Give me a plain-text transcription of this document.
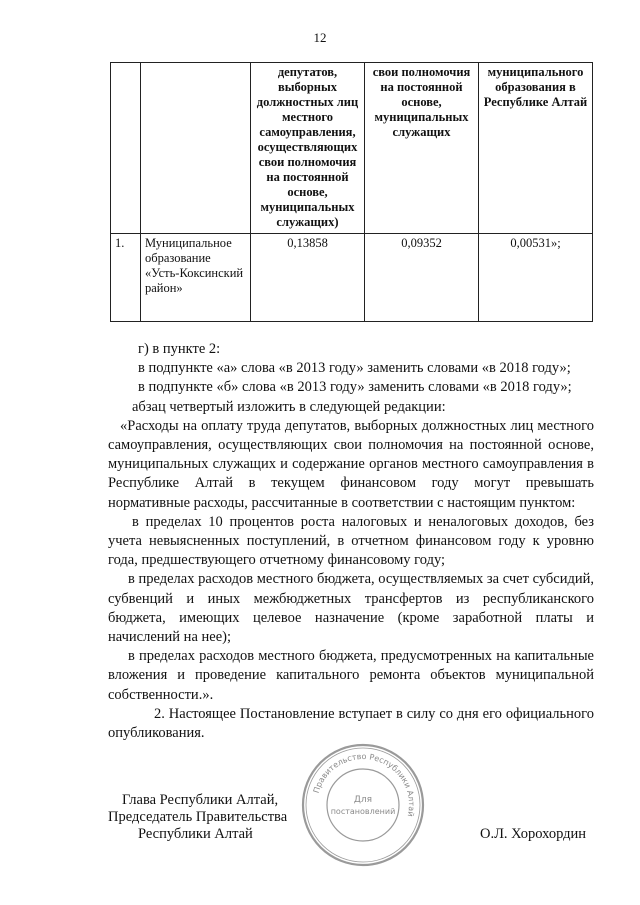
12
		депутатов, выборных должностных лиц местного самоуправления, осуществляющих свои полномочия на постоянной основе, муниципальных служащих)	свои полномочия на постоянной основе, муниципальных служащих	муниципального образования в Республике Алтай
1.	Муниципальное образование «Усть-Коксинский район»	0,13858	0,09352	0,00531»;

г) в пункте 2:

в подпункте «а» слова «в 2013 году» заменить словами «в 2018 году»;

в подпункте «б» слова «в 2013 году» заменить словами «в 2018 году»;

абзац четвертый изложить в следующей редакции:

«Расходы на оплату труда депутатов, выборных должностных лиц местного самоуправления, осуществляющих свои полномочия на постоянной основе, муниципальных служащих и содержание органов местного самоуправления в Республике Алтай в текущем финансовом году могут превышать нормативные расходы, рассчитанные в соответствии с настоящим пунктом:

в пределах 10 процентов роста налоговых и неналоговых доходов, без учета невыясненных поступлений, в отчетном финансовом году к уровню года, предшествующего отчетному финансовому году;

в пределах расходов местного бюджета, осуществляемых за счет субсидий, субвенций и иных межбюджетных трансфертов из республиканского бюджета, имеющих целевое назначение (кроме заработной платы и начислений на нее);

в пределах расходов местного бюджета, предусмотренных на капитальные вложения и проведение капитального ремонта объектов муниципальной собственности.».

2. Настоящее Постановление вступает в силу со дня его официального опубликования.

Глава Республики Алтай,
Председатель Правительства
Республики Алтай	О.Л. Хорохордин
Правительство Республики Алтай
Для
постановлений
